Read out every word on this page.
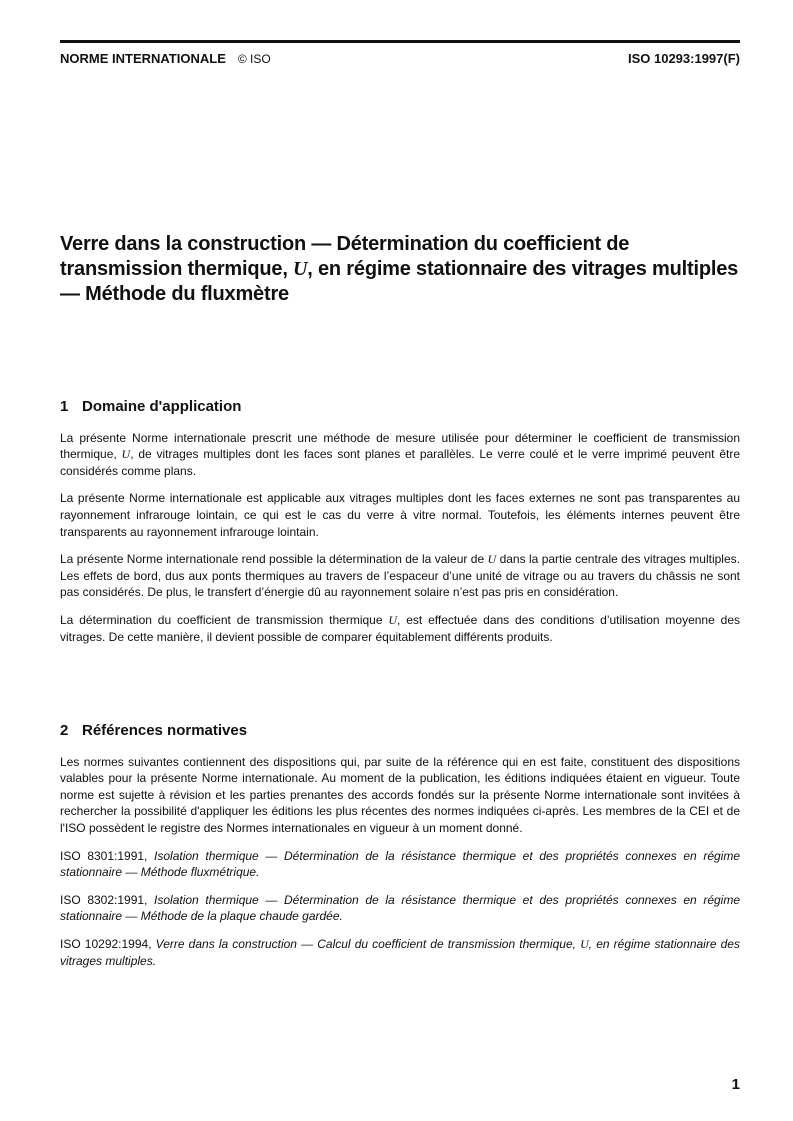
NORME INTERNATIONALE © ISO	ISO 10293:1997(F)
Verre dans la construction — Détermination du coefficient de transmission thermique, U, en régime stationnaire des vitrages multiples — Méthode du fluxmètre
1 Domaine d'application

La présente Norme internationale prescrit une méthode de mesure utilisée pour déterminer le coefficient de transmission thermique, U, de vitrages multiples dont les faces sont planes et parallèles. Le verre coulé et le verre imprimé peuvent être considérés comme plans.

La présente Norme internationale est applicable aux vitrages multiples dont les faces externes ne sont pas transparentes au rayonnement infrarouge lointain, ce qui est le cas du verre à vitre normal. Toutefois, les éléments internes peuvent être transparents au rayonnement infrarouge lointain.

La présente Norme internationale rend possible la détermination de la valeur de U dans la partie centrale des vitrages multiples. Les effets de bord, dus aux ponts thermiques au travers de l’espaceur d’une unité de vitrage ou au travers du châssis ne sont pas considérés. De plus, le transfert d’énergie dû au rayonnement solaire n’est pas pris en considération.

La détermination du coefficient de transmission thermique U, est effectuée dans des conditions d’utilisation moyenne des vitrages. De cette manière, il devient possible de comparer équitablement différents produits.

2 Références normatives

Les normes suivantes contiennent des dispositions qui, par suite de la référence qui en est faite, constituent des dispositions valables pour la présente Norme internationale. Au moment de la publication, les éditions indiquées étaient en vigueur. Toute norme est sujette à révision et les parties prenantes des accords fondés sur la présente Norme internationale sont invitées à rechercher la possibilité d'appliquer les éditions les plus récentes des normes indiquées ci-après. Les membres de la CEI et de l'ISO possèdent le registre des Normes internationales en vigueur à un moment donné.

ISO 8301:1991, Isolation thermique — Détermination de la résistance thermique et des propriétés connexes en régime stationnaire — Méthode fluxmétrique.

ISO 8302:1991, Isolation thermique — Détermination de la résistance thermique et des propriétés connexes en régime stationnaire — Méthode de la plaque chaude gardée.

ISO 10292:1994, Verre dans la construction — Calcul du coefficient de transmission thermique, U, en régime stationnaire des vitrages multiples.

1
